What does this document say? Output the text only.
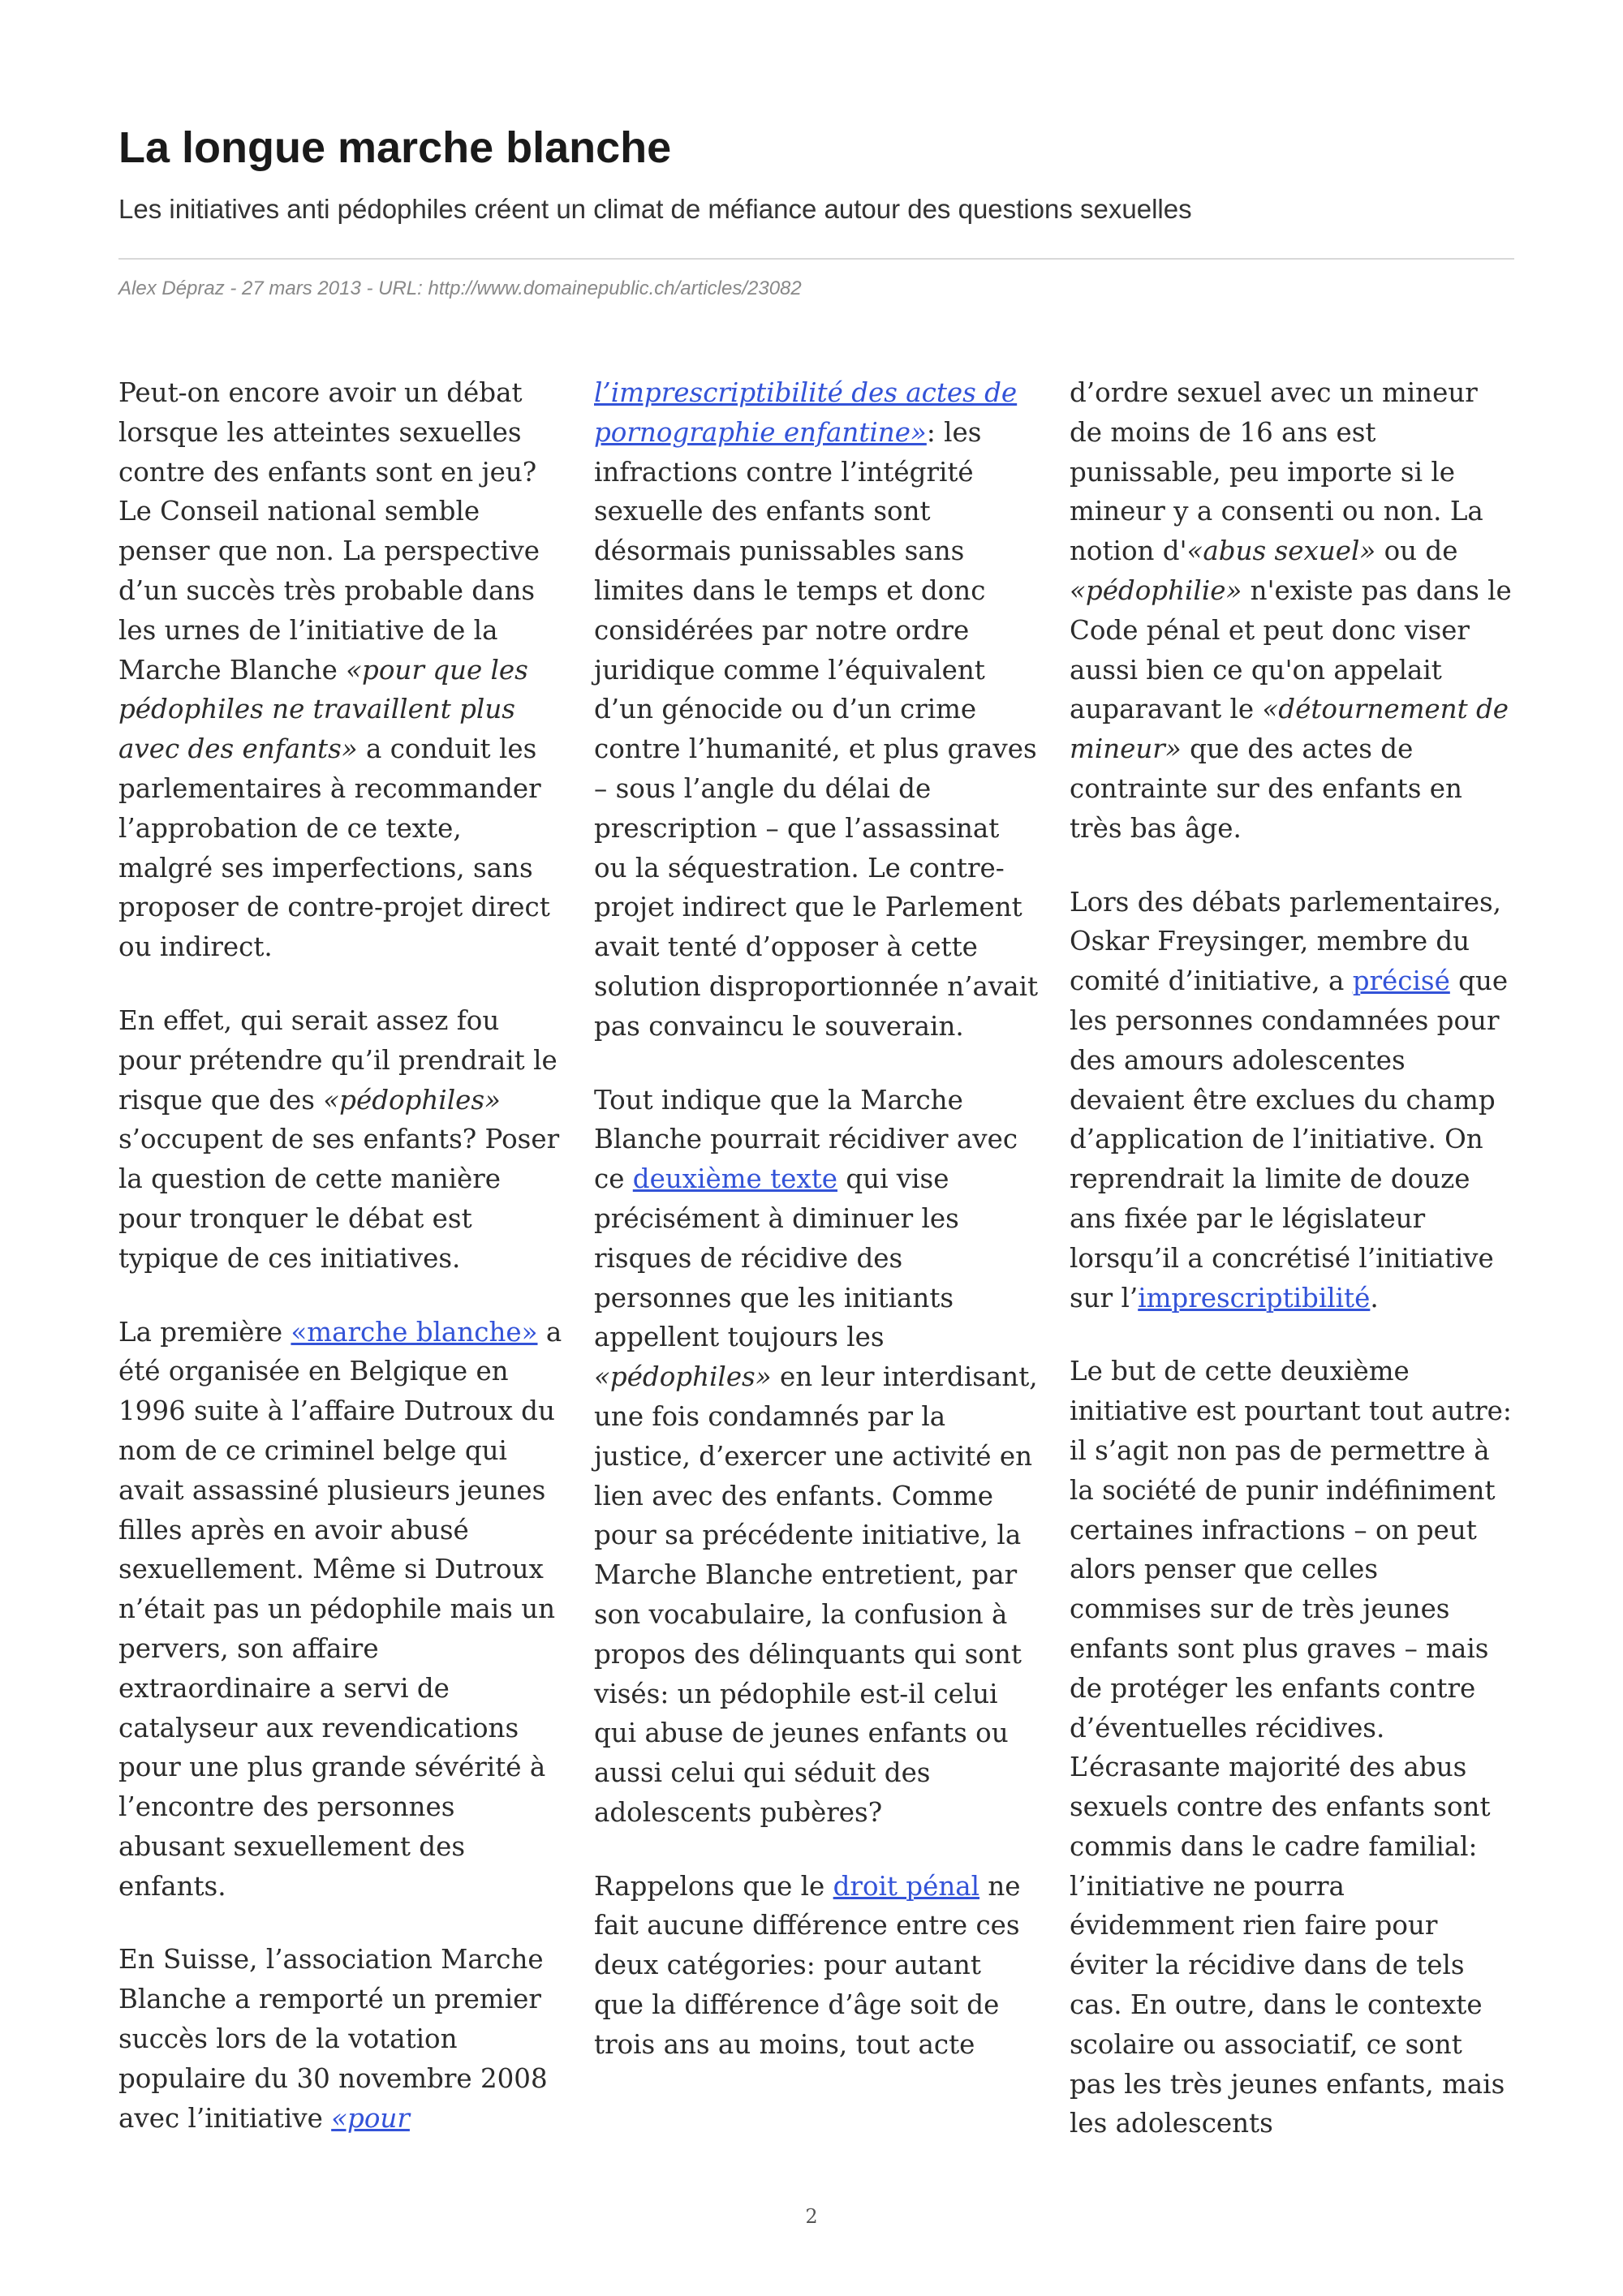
La longue marche blanche
Les initiatives anti pédophiles créent un climat de méfiance autour des questions sexuelles
Alex Dépraz - 27 mars 2013 - URL: http://www.domainepublic.ch/articles/23082

Peut-on encore avoir un débat lorsque les atteintes sexuelles contre des enfants sont en jeu? Le Conseil national semble penser que non. La perspective d’un succès très probable dans les urnes de l’initiative de la Marche Blanche «pour que les pédophiles ne travaillent plus avec des enfants» a conduit les parlementaires à recommander l’approbation de ce texte, malgré ses imperfections, sans proposer de contre-projet direct ou indirect.

En effet, qui serait assez fou pour prétendre qu’il prendrait le risque que des «pédophiles» s’occupent de ses enfants? Poser la question de cette manière pour tronquer le débat est typique de ces initiatives.

La première «marche blanche» a été organisée en Belgique en 1996 suite à l’affaire Dutroux du nom de ce criminel belge qui avait assassiné plusieurs jeunes filles après en avoir abusé sexuellement. Même si Dutroux n’était pas un pédophile mais un pervers, son affaire extraordinaire a servi de catalyseur aux revendications pour une plus grande sévérité à l’encontre des personnes abusant sexuellement des enfants.

En Suisse, l’association Marche Blanche a remporté un premier succès lors de la votation populaire du 30 novembre 2008 avec l’initiative «pour

l’imprescriptibilité des actes de pornographie enfantine»: les infractions contre l’intégrité sexuelle des enfants sont désormais punissables sans limites dans le temps et donc considérées par notre ordre juridique comme l’équivalent d’un génocide ou d’un crime contre l’humanité, et plus graves – sous l’angle du délai de prescription – que l’assassinat ou la séquestration. Le contre-projet indirect que le Parlement avait tenté d’opposer à cette solution disproportionnée n’avait pas convaincu le souverain.

Tout indique que la Marche Blanche pourrait récidiver avec ce deuxième texte qui vise précisément à diminuer les risques de récidive des personnes que les initiants appellent toujours les «pédophiles» en leur interdisant, une fois condamnés par la justice, d’exercer une activité en lien avec des enfants. Comme pour sa précédente initiative, la Marche Blanche entretient, par son vocabulaire, la confusion à propos des délinquants qui sont visés: un pédophile est-il celui qui abuse de jeunes enfants ou aussi celui qui séduit des adolescents pubères?

Rappelons que le droit pénal ne fait aucune différence entre ces deux catégories: pour autant que la différence d’âge soit de trois ans au moins, tout acte

d’ordre sexuel avec un mineur de moins de 16 ans est punissable, peu importe si le mineur y a consenti ou non. La notion d'«abus sexuel» ou de «pédophilie» n'existe pas dans le Code pénal et peut donc viser aussi bien ce qu'on appelait auparavant le «détournement de mineur» que des actes de contrainte sur des enfants en très bas âge.

Lors des débats parlementaires, Oskar Freysinger, membre du comité d’initiative, a précisé que les personnes condamnées pour des amours adolescentes devaient être exclues du champ d’application de l’initiative. On reprendrait la limite de douze ans fixée par le législateur lorsqu’il a concrétisé l’initiative sur l’imprescriptibilité.

Le but de cette deuxième initiative est pourtant tout autre: il s’agit non pas de permettre à la société de punir indéfiniment certaines infractions – on peut alors penser que celles commises sur de très jeunes enfants sont plus graves – mais de protéger les enfants contre d’éventuelles récidives. L’écrasante majorité des abus sexuels contre des enfants sont commis dans le cadre familial: l’initiative ne pourra évidemment rien faire pour éviter la récidive dans de tels cas. En outre, dans le contexte scolaire ou associatif, ce sont pas les très jeunes enfants, mais les adolescents

2
